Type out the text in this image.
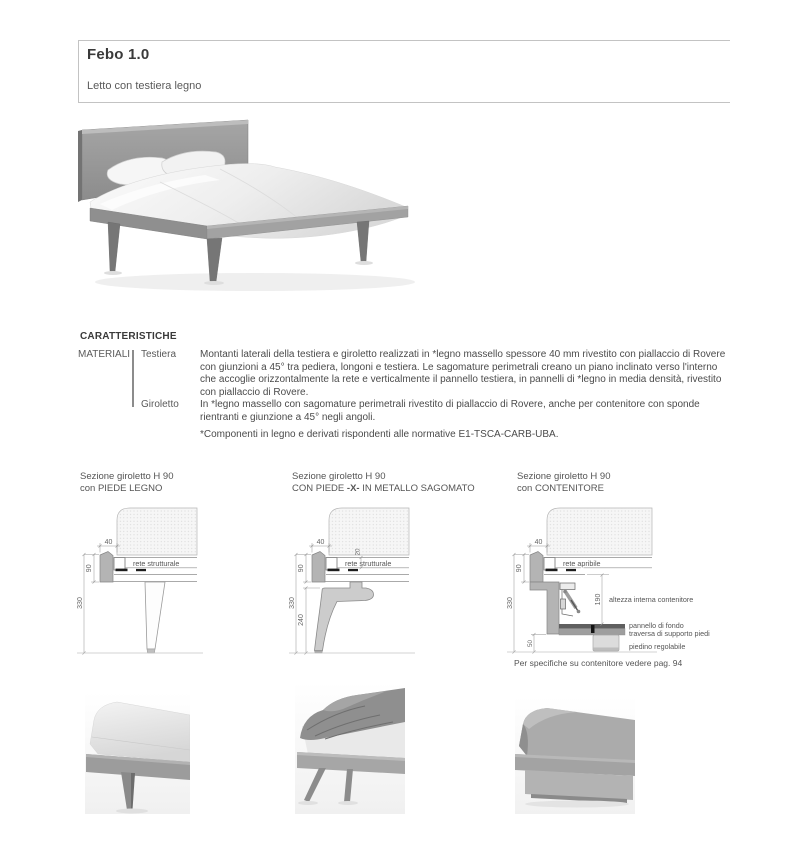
Febo 1.0
Letto con testiera legno
CARATTERISTICHE
MATERIALI Testiera	Montanti laterali della testiera e giroletto realizzati in *legno massello spessore 40 mm rivestito con piallaccio di Rovere con giunzioni a 45° tra pediera, longoni e testiera. Le sagomature perimetrali creano un piano inclinato verso l'interno che accoglie orizzontalmente la rete e verticalmente il pannello testiera, in pannelli di *legno in media densità, rivestito con piallaccio di Rovere.
Giroletto	In *legno massello con sagomature perimetrali rivestito di piallaccio di Rovere, anche per contenitore con sponde rientranti e giunzione a 45° negli angoli.
*Componenti in legno e derivati rispondenti alle normative E1-TSCA-CARB-UBA.
Sezione giroletto H 90
con PIEDE LEGNO
Sezione giroletto H 90
CON PIEDE -X- IN METALLO SAGOMATO
Sezione giroletto H 90
con CONTENITORE
rete strutturale
40
90
330
rete strutturale
40
90
240
330
20
rete apribile
40
90
330	190
50
altezza interna contenitore
pannello di fondo
traversa di supporto piedi
piedino regolabile
Per specifiche su contenitore vedere pag. 94
